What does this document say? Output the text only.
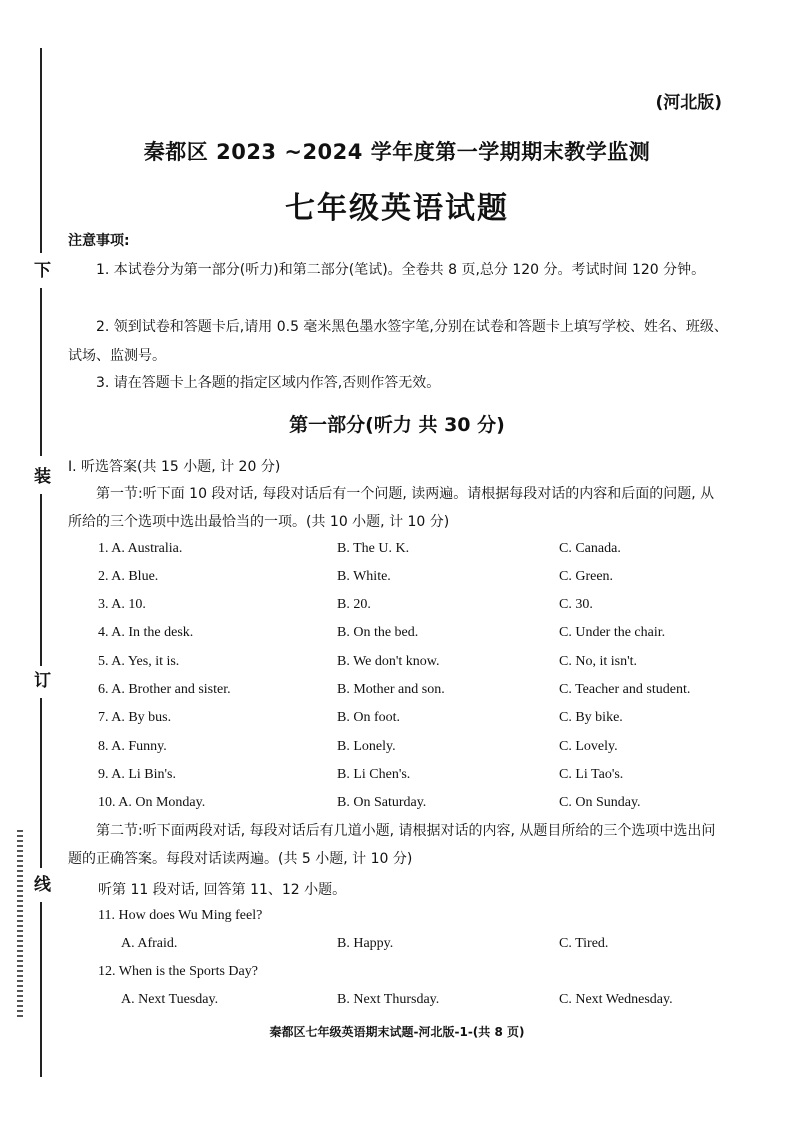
下
装
订
线
(河北版)
秦都区 2023 ~2024 学年度第一学期期末教学监测
七年级英语试题
注意事项:

1. 本试卷分为第一部分(听力)和第二部分(笔试)。全卷共 8 页,总分 120 分。考试时间 120 分钟。

2. 领到试卷和答题卡后,请用 0.5 毫米黑色墨水签字笔,分别在试卷和答题卡上填写学校、姓名、班级、试场、监测号。

3. 请在答题卡上各题的指定区域内作答,否则作答无效。

第一部分(听力 共 30 分)
Ⅰ. 听选答案(共 15 小题, 计 20 分)

第一节:听下面 10 段对话, 每段对话后有一个问题, 读两遍。请根据每段对话的内容和后面的问题, 从所给的三个选项中选出最恰当的一项。(共 10 小题, 计 10 分)

1. A. Australia.	B. The U. K.	C. Canada.
2. A. Blue.	B. White.	C. Green.
3. A. 10.	B. 20.	C. 30.
4. A. In the desk.	B. On the bed.	C. Under the chair.
5. A. Yes, it is.	B. We don't know.	C. No, it isn't.
6. A. Brother and sister.	B. Mother and son.	C. Teacher and student.
7. A. By bus.	B. On foot.	C. By bike.
8. A. Funny.	B. Lonely.	C. Lovely.
9. A. Li Bin's.	B. Li Chen's.	C. Li Tao's.
10. A. On Monday.	B. On Saturday.	C. On Sunday.

第二节:听下面两段对话, 每段对话后有几道小题, 请根据对话的内容, 从题目所给的三个选项中选出问题的正确答案。每段对话读两遍。(共 5 小题, 计 10 分)

听第 11 段对话, 回答第 11、12 小题。
11. How does Wu Ming feel?
A. Afraid.	B. Happy.	C. Tired.
12. When is the Sports Day?
A. Next Tuesday.	B. Next Thursday.	C. Next Wednesday.
秦都区七年级英语期末试题-河北版-1-(共 8 页)
